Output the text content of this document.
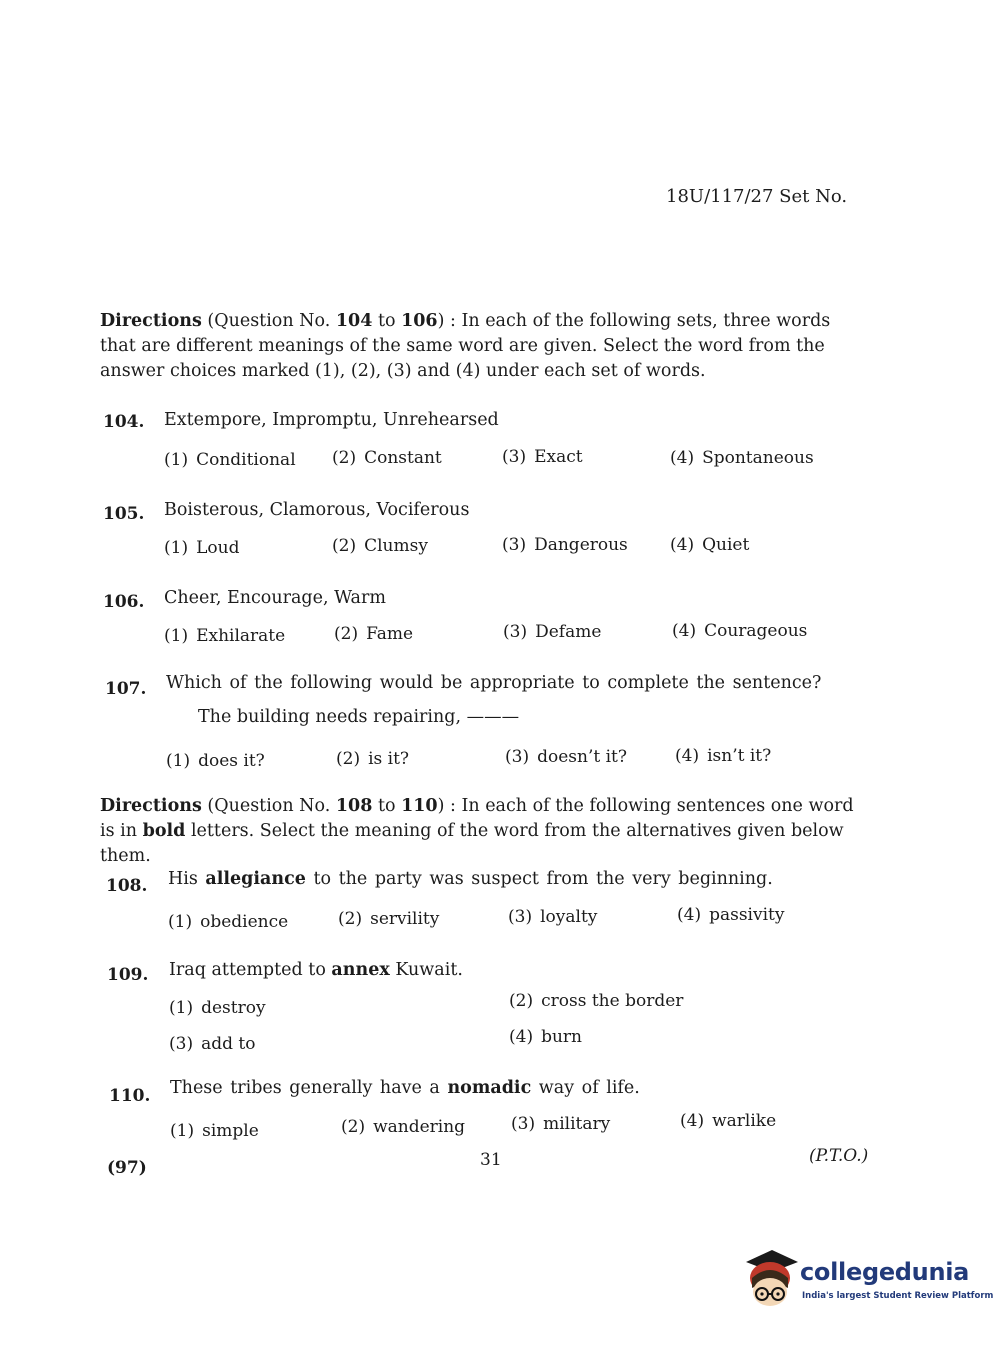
18U/117/27 Set No.
Directions (Question No. 104 to 106) : In each of the following sets, three words that are different meanings of the same word are given. Select the word from the answer choices marked (1), (2), (3) and (4) under each set of words.
104. Extempore, Impromptu, Unrehearsed
(1) Conditional (2) Constant	(3) Exact	(4) Spontaneous
105. Boisterous, Clamorous, Vociferous
(1) Loud	(2) Clumsy	(3) Dangerous (4) Quiet
106. Cheer, Encourage, Warm
(1) Exhilarate	(2) Fame	(3) Defame	(4) Courageous
107. Which of the following would be appropriate to complete the sentence?
The building needs repairing, ———
(1) does it?	(2) is it?	(3) doesn’t it?	(4) isn’t it?
Directions (Question No. 108 to 110) : In each of the following sentences one word is in bold letters. Select the meaning of the word from the alternatives given below them.
108. His allegiance to the party was suspect from the very beginning.
(1) obedience	(2) servility	(3) loyalty	(4) passivity
109. Iraq attempted to annex Kuwait.
(1) destroy	(2) cross the border
(3) add to	(4) burn
110. These tribes generally have a nomadic way of life.
(1) simple	(2) wandering	(3) military	(4) warlike
(97)	31	(P.T.O.)
collegedunia
India's largest Student Review Platform
